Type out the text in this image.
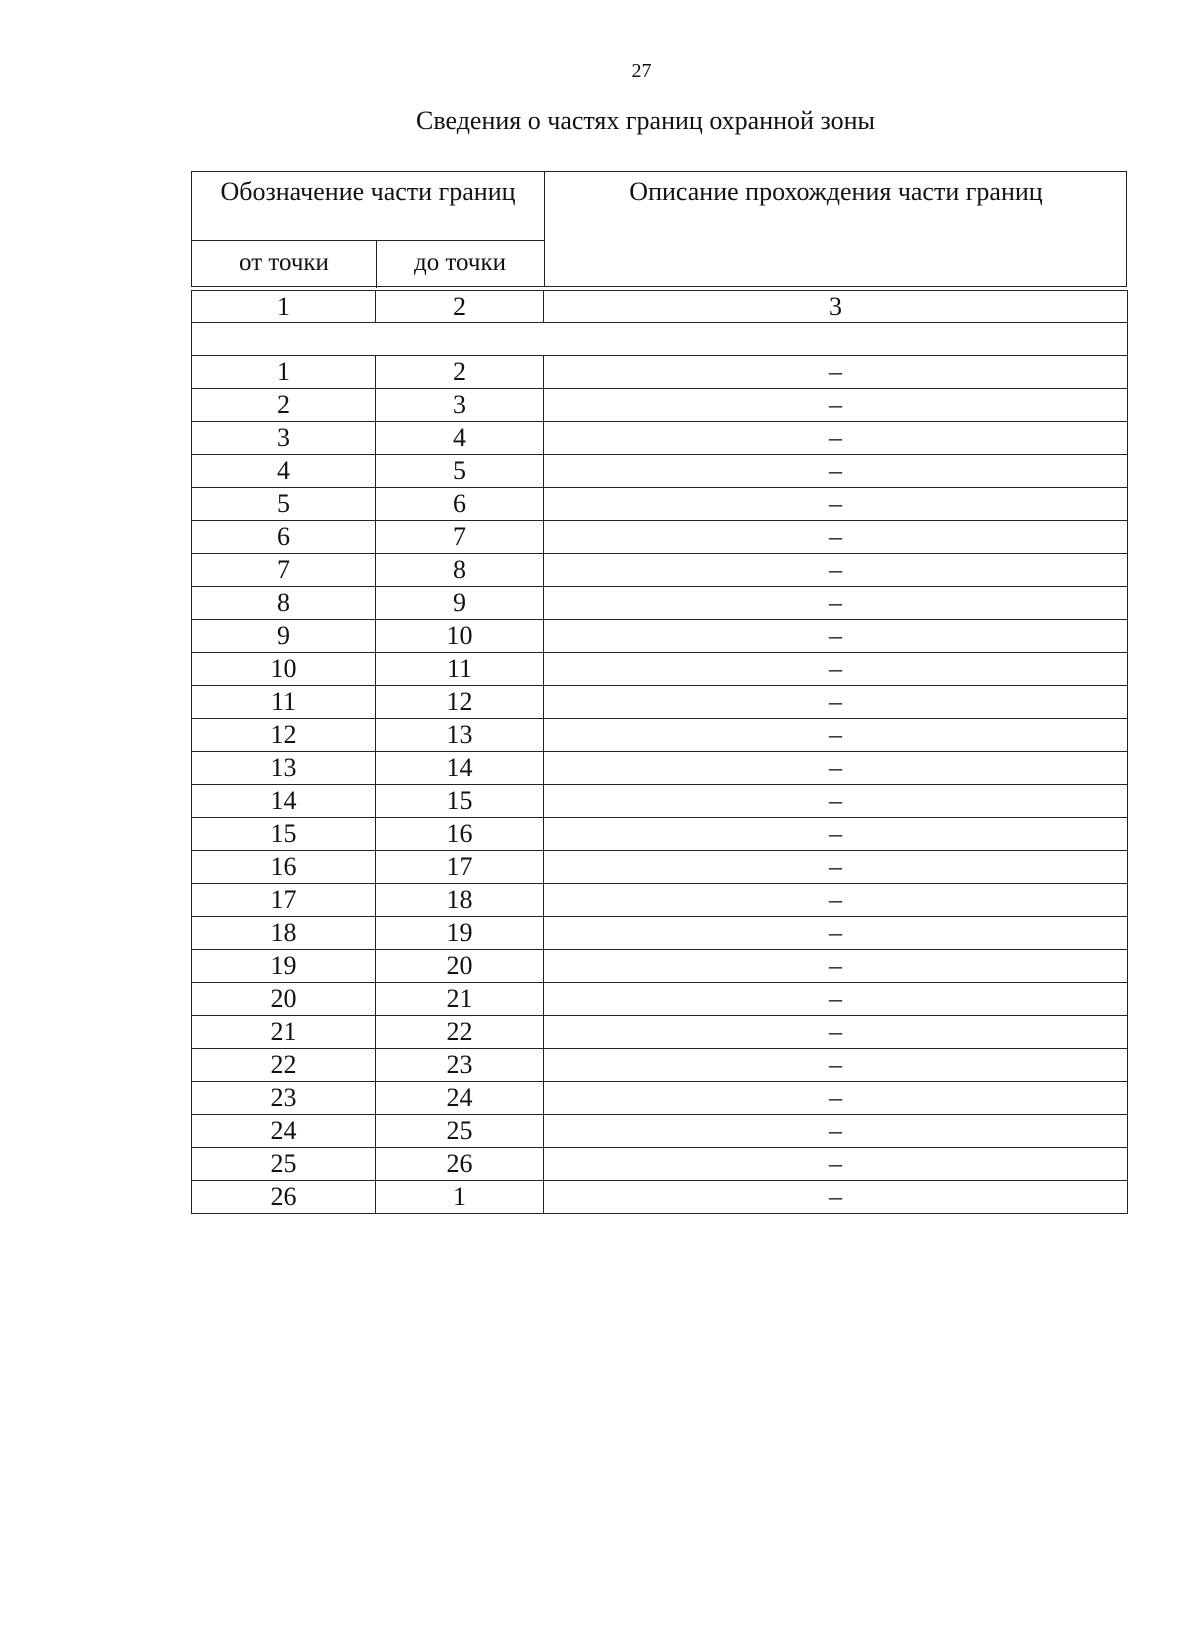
27
Сведения о частях границ охранной зоны
Обозначение части границ	Описание прохождения части границ
от точки	до точки
1	2	3

1	2	–
2	3	–
3	4	–
4	5	–
5	6	–
6	7	–
7	8	–
8	9	–
9	10	–
10	11	–
11	12	–
12	13	–
13	14	–
14	15	–
15	16	–
16	17	–
17	18	–
18	19	–
19	20	–
20	21	–
21	22	–
22	23	–
23	24	–
24	25	–
25	26	–
26	1	–
